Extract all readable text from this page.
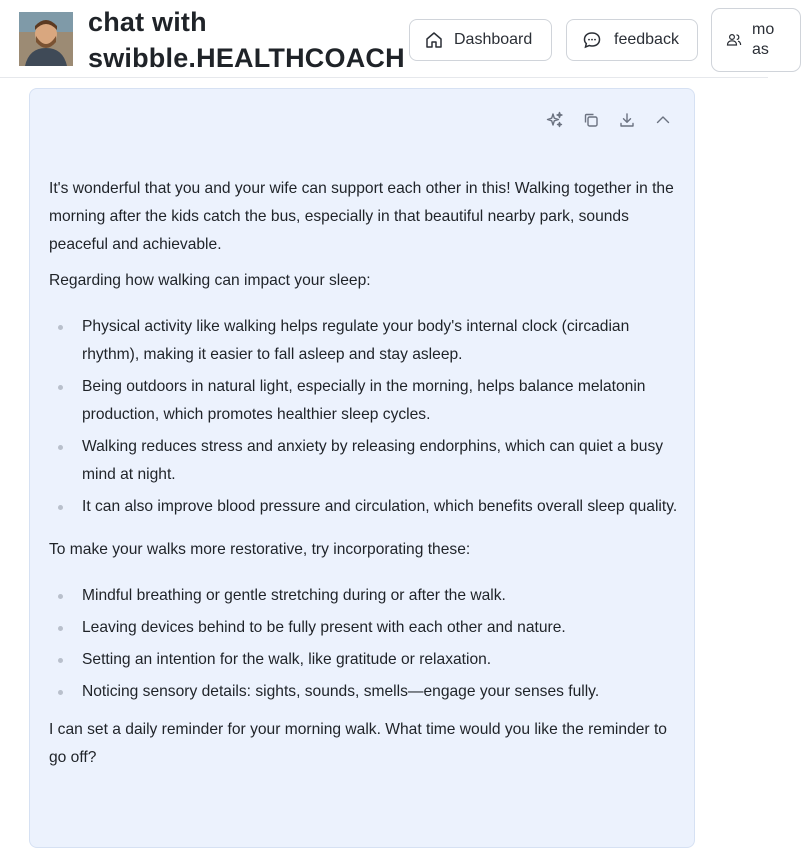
chat with swibble.HEALTHCOACH
Dashboard	feedback
mo
as

It's wonderful that you and your wife can support each other in this! Walking together in the morning after the kids catch the bus, especially in that beautiful nearby park, sounds peaceful and achievable.

Regarding how walking can impact your sleep:

Physical activity like walking helps regulate your body's internal clock (circadian rhythm), making it easier to fall asleep and stay asleep.
Being outdoors in natural light, especially in the morning, helps balance melatonin production, which promotes healthier sleep cycles.
Walking reduces stress and anxiety by releasing endorphins, which can quiet a busy mind at night.
It can also improve blood pressure and circulation, which benefits overall sleep quality.

To make your walks more restorative, try incorporating these:

Mindful breathing or gentle stretching during or after the walk.
Leaving devices behind to be fully present with each other and nature.
Setting an intention for the walk, like gratitude or relaxation.
Noticing sensory details: sights, sounds, smells—engage your senses fully.

I can set a daily reminder for your morning walk. What time would you like the reminder to go off?
